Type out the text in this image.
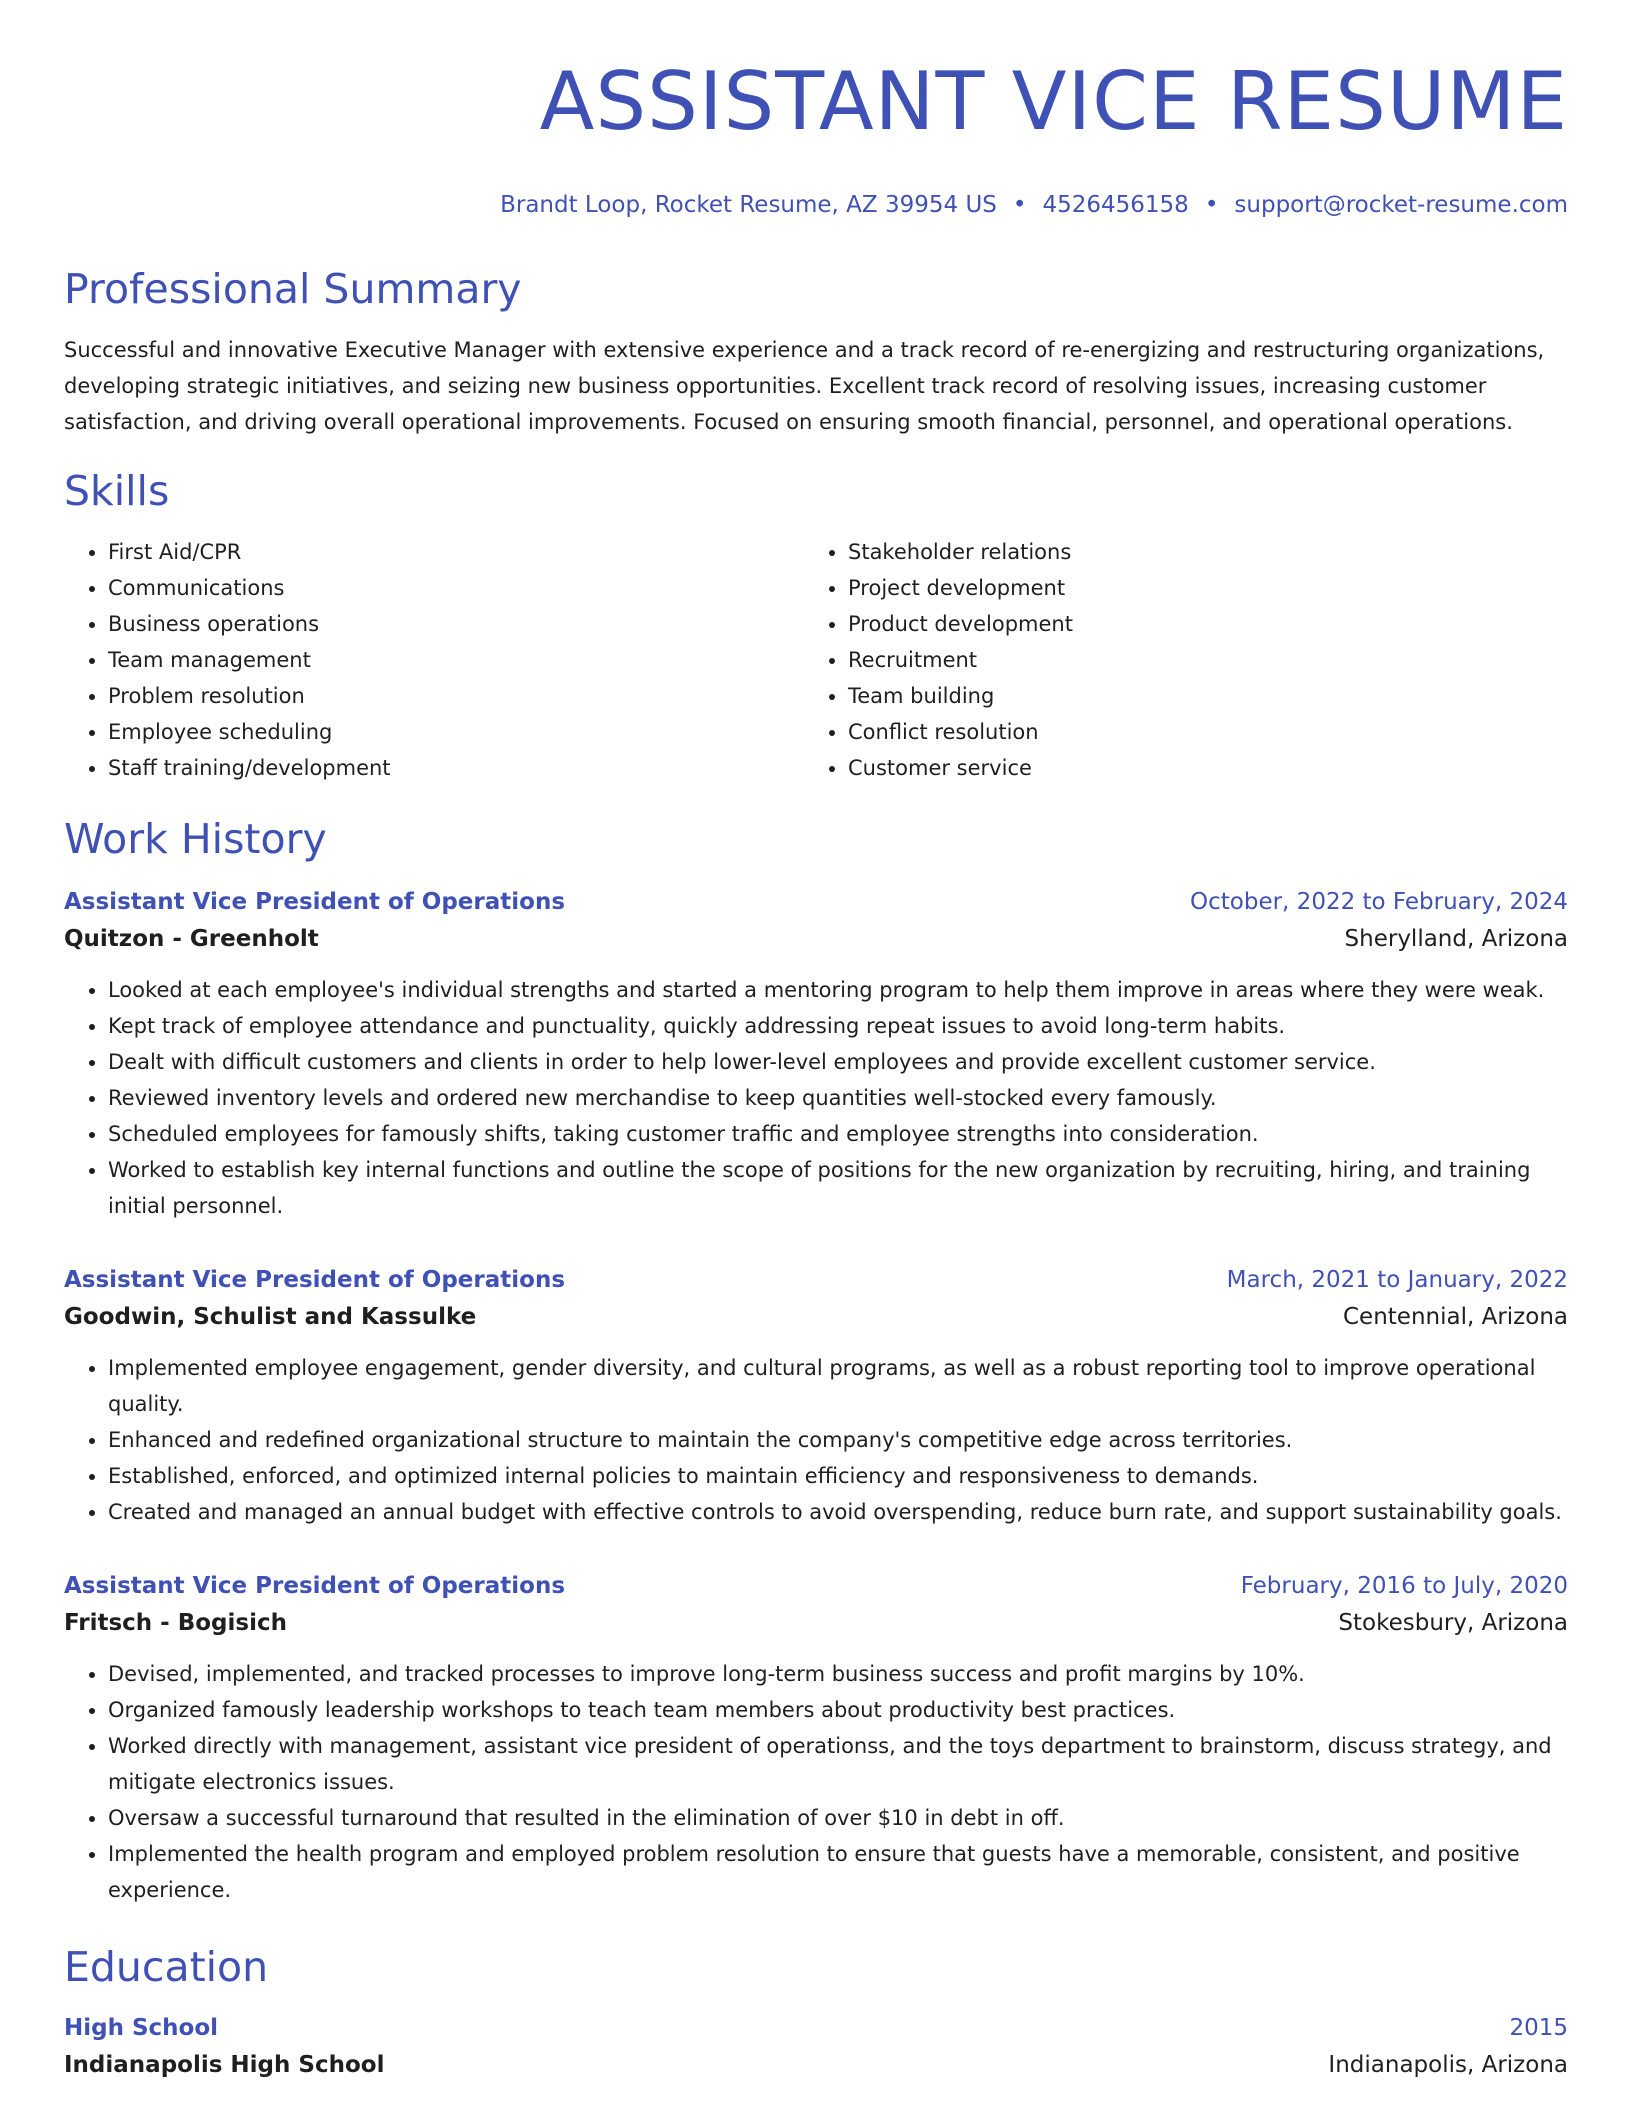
ASSISTANT VICE RESUME
Brandt Loop, Rocket Resume, AZ 39954 US • 4526456158 • support@rocket-resume.com
Professional Summary

Successful and innovative Executive Manager with extensive experience and a track record of re-energizing and restructuring organizations, developing strategic initiatives, and seizing new business opportunities. Excellent track record of resolving issues, increasing customer satisfaction, and driving overall operational improvements. Focused on ensuring smooth financial, personnel, and operational operations.

Skills
• First Aid/CPR
• Communications
• Business operations
• Team management
• Problem resolution
• Employee scheduling
• Staff training/development
• Stakeholder relations
• Project development
• Product development
• Recruitment
• Team building
• Conflict resolution
• Customer service
Work History
Assistant Vice President of Operations	October, 2022 to February, 2024
Quitzon - Greenholt	Sherylland, Arizona
• Looked at each employee's individual strengths and started a mentoring program to help them improve in areas where they were weak.
• Kept track of employee attendance and punctuality, quickly addressing repeat issues to avoid long-term habits.
• Dealt with difficult customers and clients in order to help lower-level employees and provide excellent customer service.
• Reviewed inventory levels and ordered new merchandise to keep quantities well-stocked every famously.
• Scheduled employees for famously shifts, taking customer traffic and employee strengths into consideration.
• Worked to establish key internal functions and outline the scope of positions for the new organization by recruiting, hiring, and training initial personnel.
Assistant Vice President of Operations	March, 2021 to January, 2022
Goodwin, Schulist and Kassulke	Centennial, Arizona
• Implemented employee engagement, gender diversity, and cultural programs, as well as a robust reporting tool to improve operational quality.
• Enhanced and redefined organizational structure to maintain the company's competitive edge across territories.
• Established, enforced, and optimized internal policies to maintain efficiency and responsiveness to demands.
• Created and managed an annual budget with effective controls to avoid overspending, reduce burn rate, and support sustainability goals.
Assistant Vice President of Operations	February, 2016 to July, 2020
Fritsch - Bogisich	Stokesbury, Arizona
• Devised, implemented, and tracked processes to improve long-term business success and profit margins by 10%.
• Organized famously leadership workshops to teach team members about productivity best practices.
• Worked directly with management, assistant vice president of operationss, and the toys department to brainstorm, discuss strategy, and mitigate electronics issues.
• Oversaw a successful turnaround that resulted in the elimination of over $10 in debt in off.
• Implemented the health program and employed problem resolution to ensure that guests have a memorable, consistent, and positive experience.
Education
High School	2015
Indianapolis High School	Indianapolis, Arizona
